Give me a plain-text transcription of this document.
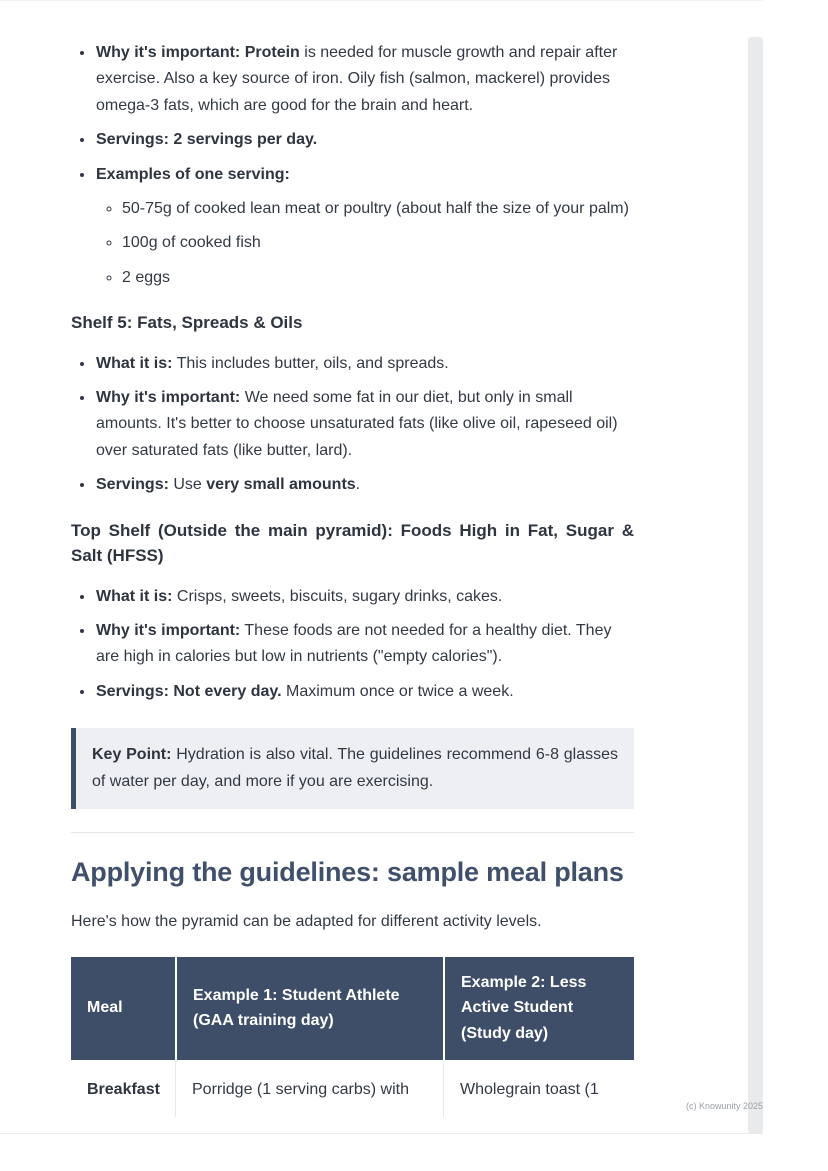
• Why it's important: Protein is needed for muscle growth and repair after exercise. Also a key source of iron. Oily fish (salmon, mackerel) provides omega-3 fats, which are good for the brain and heart.
• Servings: 2 servings per day.
• Examples of one serving:
◦ 50-75g of cooked lean meat or poultry (about half the size of your palm)
◦ 100g of cooked fish
◦ 2 eggs
Shelf 5: Fats, Spreads & Oils
• What it is: This includes butter, oils, and spreads.
• Why it's important: We need some fat in our diet, but only in small amounts. It's better to choose unsaturated fats (like olive oil, rapeseed oil) over saturated fats (like butter, lard).
• Servings: Use very small amounts.
Top Shelf (Outside the main pyramid): Foods High in Fat, Sugar & Salt (HFSS)
• What it is: Crisps, sweets, biscuits, sugary drinks, cakes.
• Why it's important: These foods are not needed for a healthy diet. They are high in calories but low in nutrients ("empty calories").
• Servings: Not every day. Maximum once or twice a week.
Key Point: Hydration is also vital. The guidelines recommend 6-8 glasses of water per day, and more if you are exercising.
Applying the guidelines: sample meal plans

Here's how the pyramid can be adapted for different activity levels.

Meal	Example 1: Student Athlete (GAA training day)	Example 2: Less Active Student (Study day)
Breakfast	Porridge (1 serving carbs) with	Wholegrain toast (1
(c) Knowunity 2025
